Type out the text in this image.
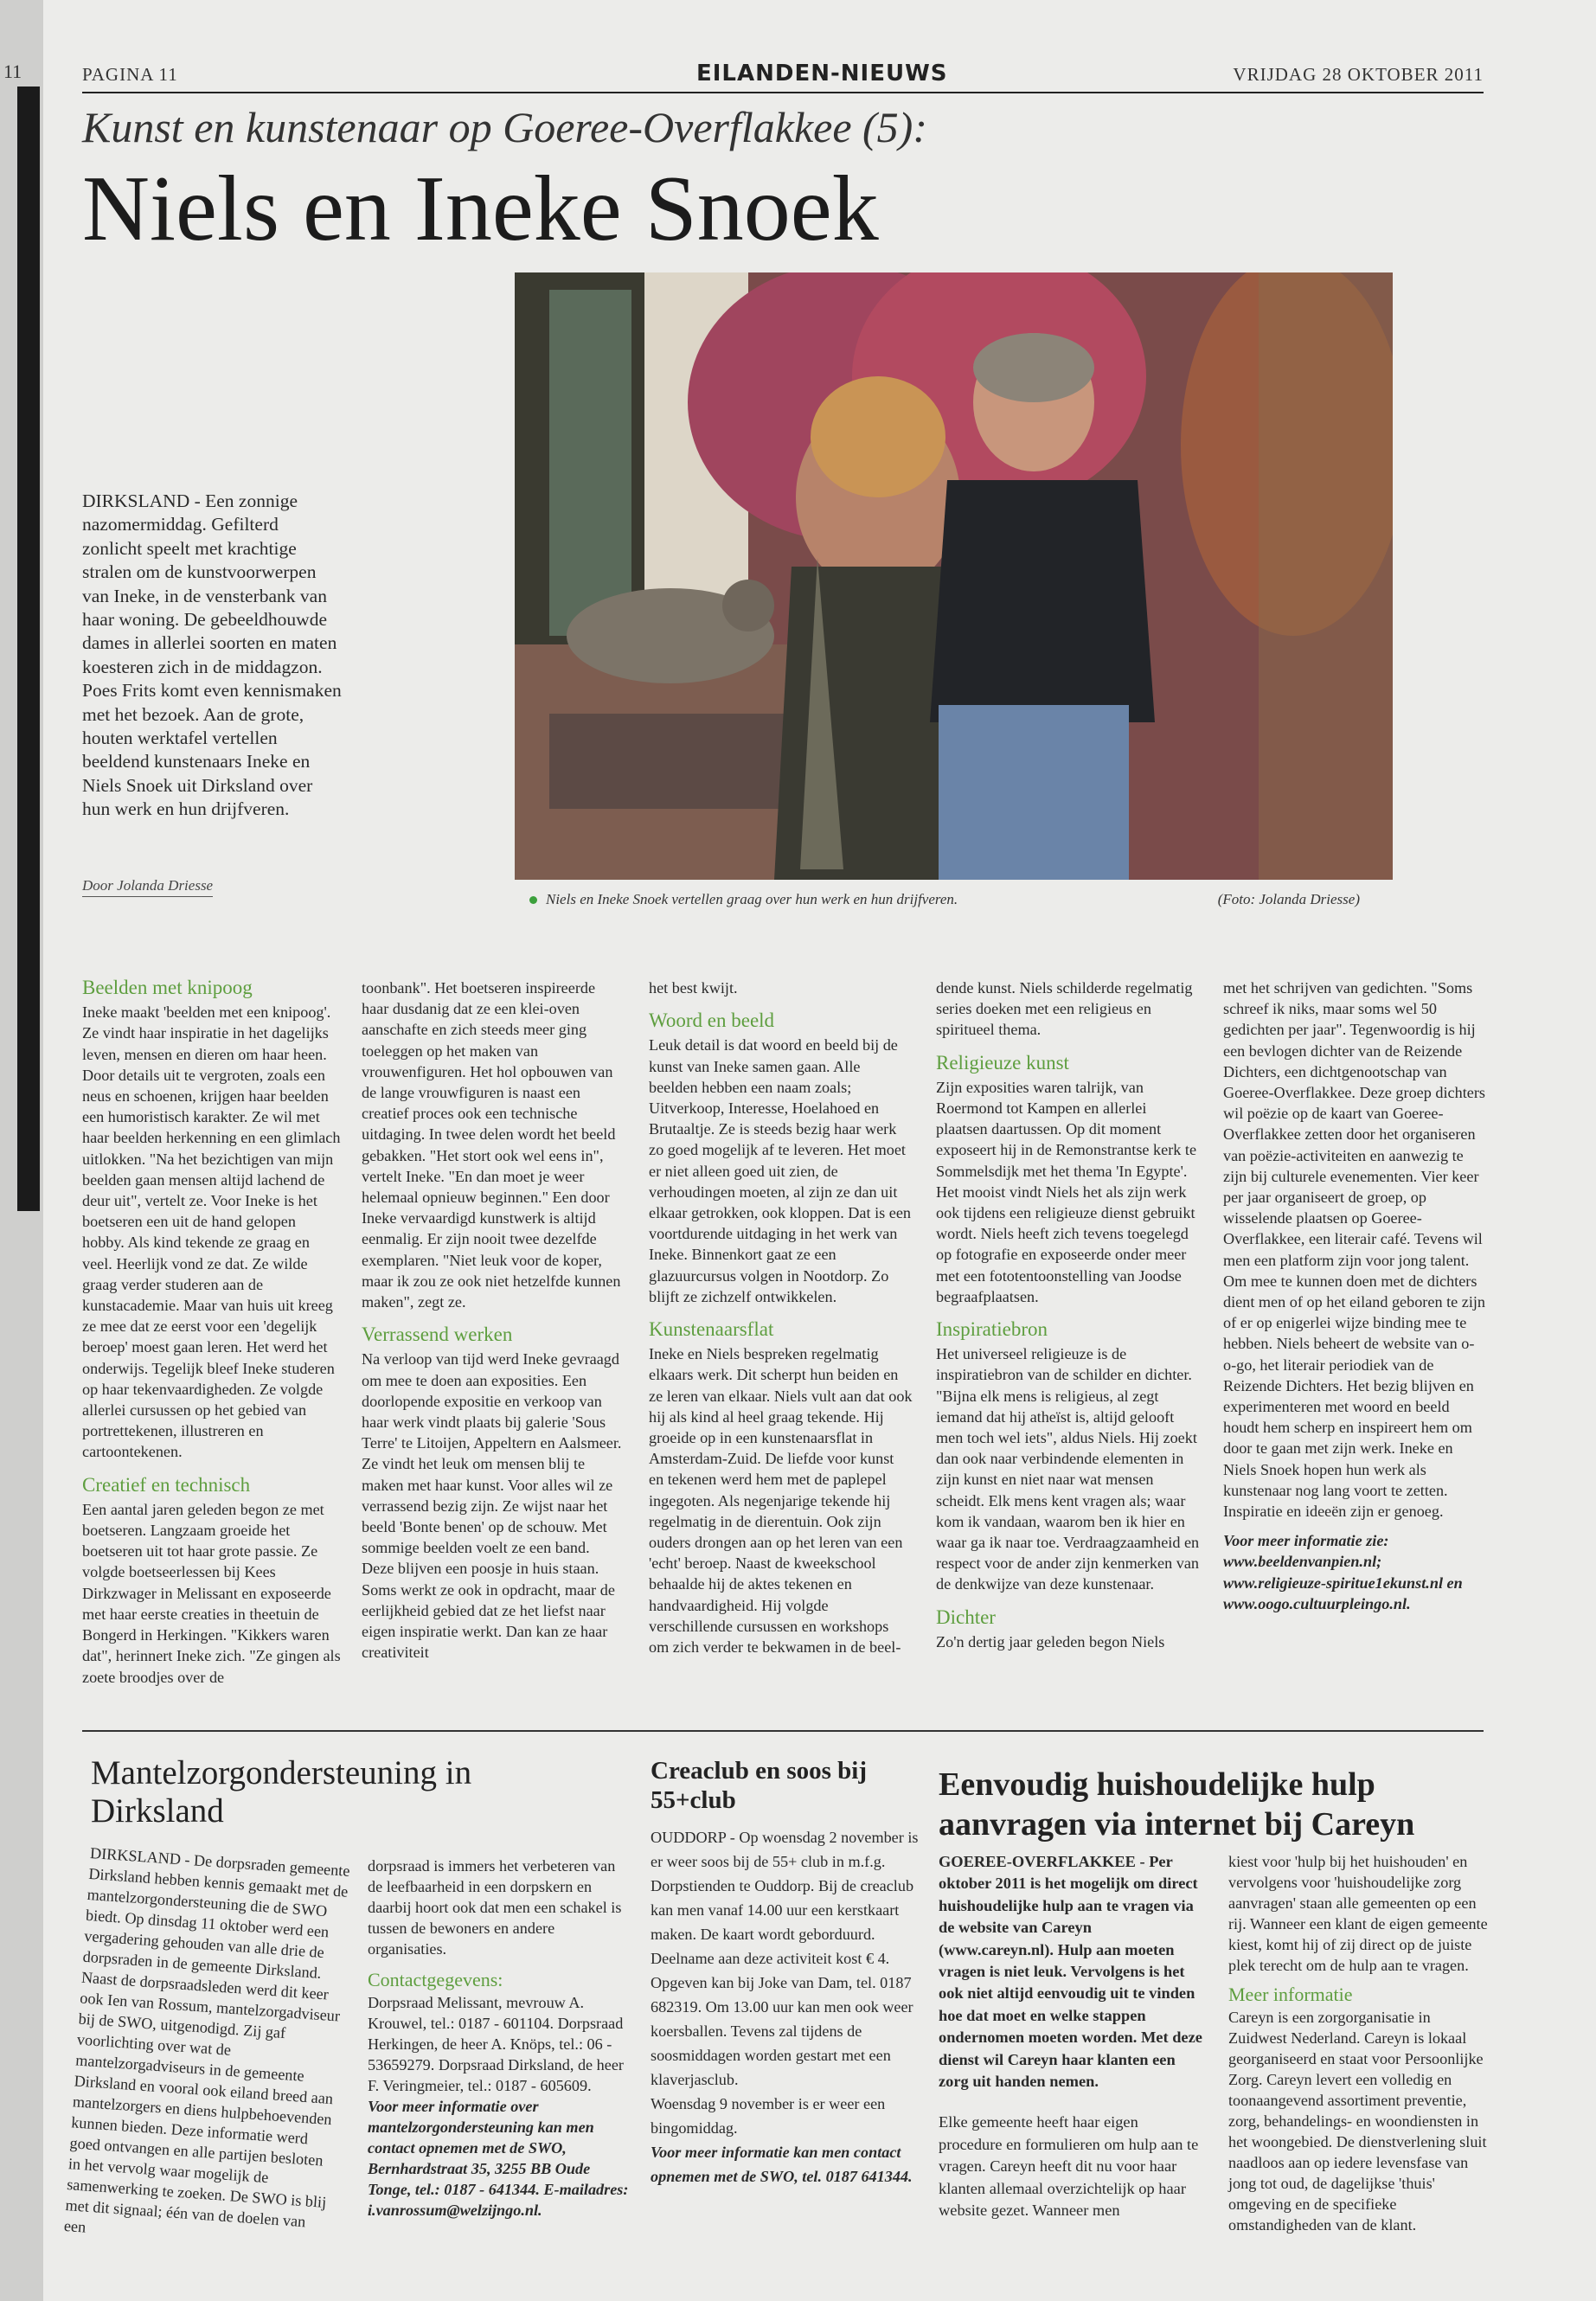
11	PAGINA 11	EILANDEN-NIEUWS	VRIJDAG 28 OKTOBER 2011
Kunst en kunstenaar op Goeree-Overflakkee (5):
Niels en Ineke Snoek
DIRKSLAND - Een zonnige nazomermiddag. Gefilterd zonlicht speelt met krachtige stralen om de kunstvoorwerpen van Ineke, in de vensterbank van haar woning. De gebeeldhouwde dames in allerlei soorten en maten koesteren zich in de middagzon. Poes Frits komt even kennismaken met het bezoek. Aan de grote, houten werktafel vertellen beeldend kunstenaars Ineke en Niels Snoek uit Dirksland over hun werk en hun drijfveren.
Door Jolanda Driesse
Niels en Ineke Snoek vertellen graag over hun werk en hun drijfveren.	(Foto: Jolanda Driesse)
Beelden met knipoog

Ineke maakt 'beelden met een knipoog'. Ze vindt haar inspiratie in het dagelijks leven, mensen en dieren om haar heen. Door details uit te vergroten, zoals een neus en schoenen, krijgen haar beelden een humoristisch karakter. Ze wil met haar beelden herkenning en een glimlach uitlokken. "Na het bezichtigen van mijn beelden gaan mensen altijd lachend de deur uit", vertelt ze. Voor Ineke is het boetseren een uit de hand gelopen hobby. Als kind tekende ze graag en veel. Heerlijk vond ze dat. Ze wilde graag verder studeren aan de kunstacademie. Maar van huis uit kreeg ze mee dat ze eerst voor een 'degelijk beroep' moest gaan leren. Het werd het onderwijs. Tegelijk bleef Ineke studeren op haar tekenvaardigheden. Ze volgde allerlei cursussen op het gebied van portrettekenen, illustreren en cartoontekenen.

Creatief en technisch

Een aantal jaren geleden begon ze met boetseren. Langzaam groeide het boetseren uit tot haar grote passie. Ze volgde boetseerlessen bij Kees Dirkzwager in Melissant en exposeerde met haar eerste creaties in theetuin de Bongerd in Herkingen. "Kikkers waren dat", herinnert Ineke zich. "Ze gingen als zoete broodjes over de

toonbank". Het boetseren inspireerde haar dusdanig dat ze een klei-oven aanschafte en zich steeds meer ging toeleggen op het maken van vrouwenfiguren. Het hol opbouwen van de lange vrouwfiguren is naast een creatief proces ook een technische uitdaging. In twee delen wordt het beeld gebakken. "Het stort ook wel eens in", vertelt Ineke. "En dan moet je weer helemaal opnieuw beginnen." Een door Ineke vervaardigd kunstwerk is altijd eenmalig. Er zijn nooit twee dezelfde exemplaren. "Niet leuk voor de koper, maar ik zou ze ook niet hetzelfde kunnen maken", zegt ze.

Verrassend werken

Na verloop van tijd werd Ineke gevraagd om mee te doen aan exposities. Een doorlopende expositie en verkoop van haar werk vindt plaats bij galerie 'Sous Terre' te Litoijen, Appeltern en Aalsmeer. Ze vindt het leuk om mensen blij te maken met haar kunst. Voor alles wil ze verrassend bezig zijn. Ze wijst naar het beeld 'Bonte benen' op de schouw. Met sommige beelden voelt ze een band. Deze blijven een poosje in huis staan. Soms werkt ze ook in opdracht, maar de eerlijkheid gebied dat ze het liefst naar eigen inspiratie werkt. Dan kan ze haar creativiteit

het best kwijt.

Woord en beeld

Leuk detail is dat woord en beeld bij de kunst van Ineke samen gaan. Alle beelden hebben een naam zoals; Uitverkoop, Interesse, Hoelahoed en Brutaaltje. Ze is steeds bezig haar werk zo goed mogelijk af te leveren. Het moet er niet alleen goed uit zien, de verhoudingen moeten, al zijn ze dan uit elkaar getrokken, ook kloppen. Dat is een voortdurende uitdaging in het werk van Ineke. Binnenkort gaat ze een glazuurcursus volgen in Nootdorp. Zo blijft ze zichzelf ontwikkelen.

Kunstenaarsflat

Ineke en Niels bespreken regelmatig elkaars werk. Dit scherpt hun beiden en ze leren van elkaar. Niels vult aan dat ook hij als kind al heel graag tekende. Hij groeide op in een kunstenaarsflat in Amsterdam-Zuid. De liefde voor kunst en tekenen werd hem met de paplepel ingegoten. Als negenjarige tekende hij regelmatig in de dierentuin. Ook zijn ouders drongen aan op het leren van een 'echt' beroep. Naast de kweekschool behaalde hij de aktes tekenen en handvaardigheid. Hij volgde verschillende cursussen en workshops om zich verder te bekwamen in de beel-

dende kunst. Niels schilderde regelmatig series doeken met een religieus en spiritueel thema.

Religieuze kunst

Zijn exposities waren talrijk, van Roermond tot Kampen en allerlei plaatsen daartussen. Op dit moment exposeert hij in de Remonstrantse kerk te Sommelsdijk met het thema 'In Egypte'. Het mooist vindt Niels het als zijn werk ook tijdens een religieuze dienst gebruikt wordt. Niels heeft zich tevens toegelegd op fotografie en exposeerde onder meer met een fototentoonstelling van Joodse begraafplaatsen.

Inspiratiebron

Het universeel religieuze is de inspiratiebron van de schilder en dichter. "Bijna elk mens is religieus, al zegt iemand dat hij atheïst is, altijd gelooft men toch wel iets", aldus Niels. Hij zoekt dan ook naar verbindende elementen in zijn kunst en niet naar wat mensen scheidt. Elk mens kent vragen als; waar kom ik vandaan, waarom ben ik hier en waar ga ik naar toe. Verdraagzaamheid en respect voor de ander zijn kenmerken van de denkwijze van deze kunstenaar.

Dichter

Zo'n dertig jaar geleden begon Niels

met het schrijven van gedichten. "Soms schreef ik niks, maar soms wel 50 gedichten per jaar". Tegenwoordig is hij een bevlogen dichter van de Reizende Dichters, een dichtgenootschap van Goeree-Overflakkee. Deze groep dichters wil poëzie op de kaart van Goeree-Overflakkee zetten door het organiseren van poëzie-activiteiten en aanwezig te zijn bij culturele evenementen. Vier keer per jaar organiseert de groep, op wisselende plaatsen op Goeree-Overflakkee, een literair café. Tevens wil men een platform zijn voor jong talent. Om mee te kunnen doen met de dichters dient men of op het eiland geboren te zijn of er op enigerlei wijze binding mee te hebben. Niels beheert de website van o-o-go, het literair periodiek van de Reizende Dichters. Het bezig blijven en experimenteren met woord en beeld houdt hem scherp en inspireert hem om door te gaan met zijn werk. Ineke en Niels Snoek hopen hun werk als kunstenaar nog lang voort te zetten. Inspiratie en ideeën zijn er genoeg.

Voor meer informatie zie: www.beeldenvanpien.nl; www.religieuze-spiritue1ekunst.nl en www.oogo.cultuurpleingo.nl.

Mantelzorgondersteuning in Dirksland
DIRKSLAND - De dorpsraden gemeente Dirksland hebben kennis gemaakt met de mantelzorgondersteuning die de SWO biedt. Op dinsdag 11 oktober werd een vergadering gehouden van alle drie de dorpsraden in de gemeente Dirksland. Naast de dorpsraadsleden werd dit keer ook Ien van Rossum, mantelzorgadviseur bij de SWO, uitgenodigd. Zij gaf voorlichting over wat de mantelzorgadviseurs in de gemeente Dirksland en vooral ook eiland breed aan mantelzorgers en diens hulpbehoevenden kunnen bieden. Deze informatie werd goed ontvangen en alle partijen besloten in het vervolg waar mogelijk de samenwerking te zoeken. De SWO is blij met dit signaal; één van de doelen van een
dorpsraad is immers het verbeteren van de leefbaarheid in een dorpskern en daarbij hoort ook dat men een schakel is tussen de bewoners en andere organisaties.
Contactgegevens:
Dorpsraad Melissant, mevrouw A. Krouwel, tel.: 0187 - 601104. Dorpsraad Herkingen, de heer A. Knöps, tel.: 06 - 53659279. Dorpsraad Dirksland, de heer F. Veringmeier, tel.: 0187 - 605609.
Voor meer informatie over mantelzorgondersteuning kan men contact opnemen met de SWO, Bernhardstraat 35, 3255 BB Oude Tonge, tel.: 0187 - 641344. E-mailadres: i.vanrossum@welzijngo.nl.
Creaclub en soos bij 55+club
OUDDORP - Op woensdag 2 november is er weer soos bij de 55+ club in m.f.g. Dorpstienden te Ouddorp. Bij de creaclub kan men vanaf 14.00 uur een kerstkaart maken. De kaart wordt geborduurd. Deelname aan deze activiteit kost € 4. Opgeven kan bij Joke van Dam, tel. 0187 682319. Om 13.00 uur kan men ook weer koersballen. Tevens zal tijdens de soosmiddagen worden gestart met een klaverjasclub.
Woensdag 9 november is er weer een bingomiddag.
Voor meer informatie kan men contact opnemen met de SWO, tel. 0187 641344.
Eenvoudig huishoudelijke hulp aanvragen via internet bij Careyn
GOEREE-OVERFLAKKEE - Per oktober 2011 is het mogelijk om direct huishoudelijke hulp aan te vragen via de website van Careyn (www.careyn.nl). Hulp aan moeten vragen is niet leuk. Vervolgens is het ook niet altijd eenvoudig uit te vinden hoe dat moet en welke stappen ondernomen moeten worden. Met deze dienst wil Careyn haar klanten een zorg uit handen nemen.
Elke gemeente heeft haar eigen procedure en formulieren om hulp aan te vragen. Careyn heeft dit nu voor haar klanten allemaal overzichtelijk op haar website gezet. Wanneer men
kiest voor 'hulp bij het huishouden' en vervolgens voor 'huishoudelijke zorg aanvragen' staan alle gemeenten op een rij. Wanneer een klant de eigen gemeente kiest, komt hij of zij direct op de juiste plek terecht om de hulp aan te vragen.
Meer informatie
Careyn is een zorgorganisatie in Zuidwest Nederland. Careyn is lokaal georganiseerd en staat voor Persoonlijke Zorg. Careyn levert een volledig en toonaangevend assortiment preventie, zorg, behandelings- en woondiensten in het woongebied. De dienstverlening sluit naadloos aan op iedere levensfase van jong tot oud, de dagelijkse 'thuis' omgeving en de specifieke omstandigheden van de klant.
